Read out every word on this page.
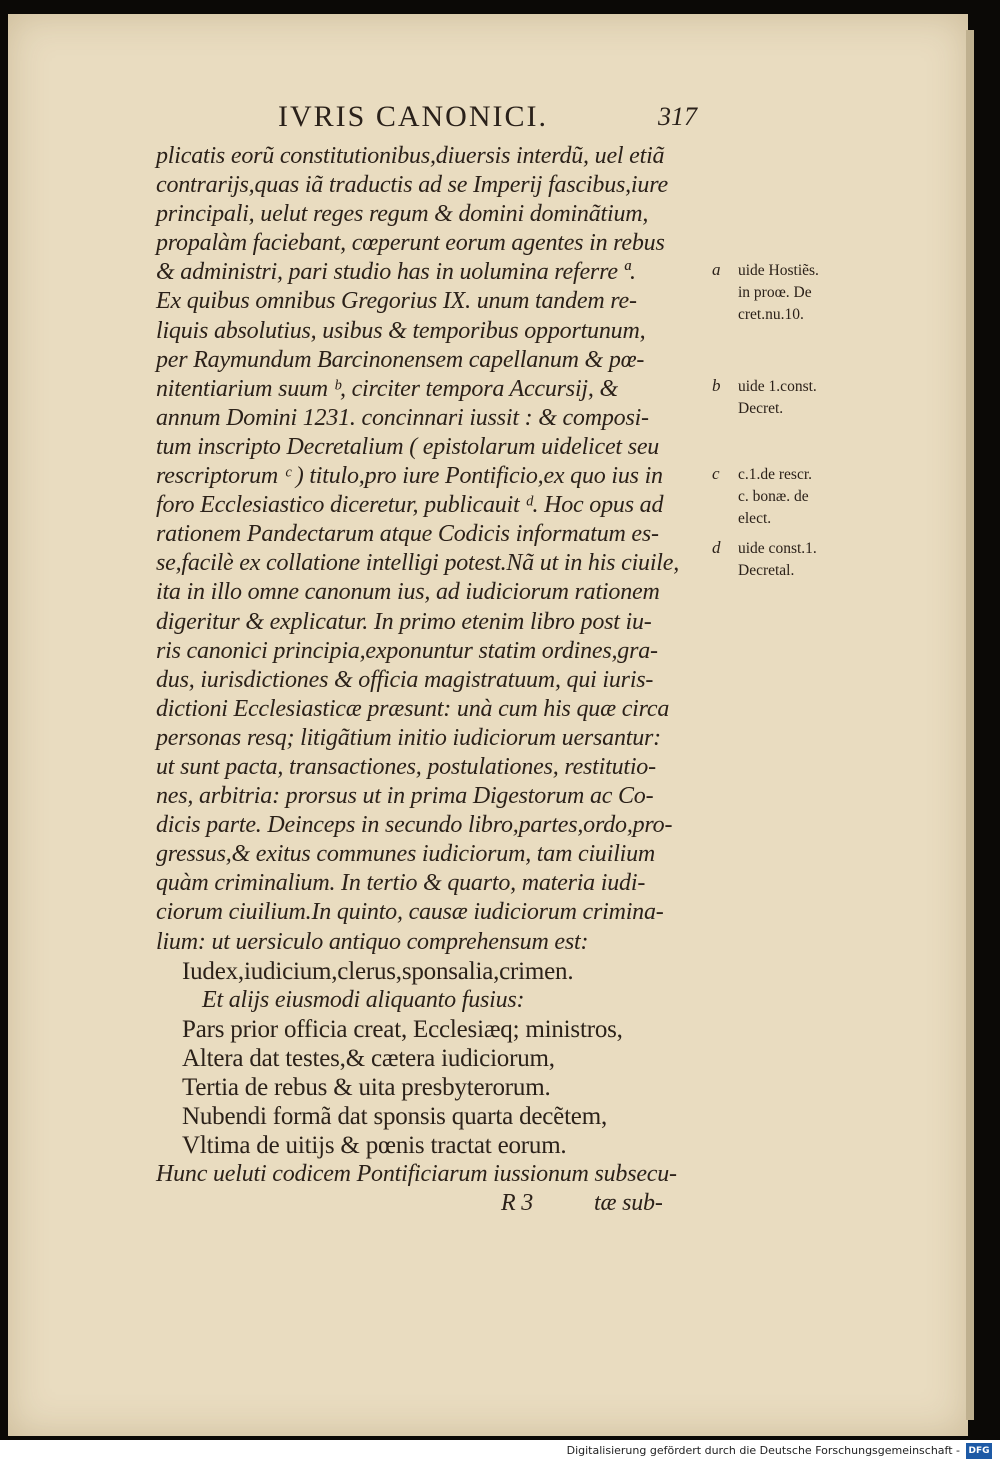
IVRIS CANONICI.	317
plicatis eorũ constitutionibus,diuersis interdũ, uel etiã
contrarijs,quas iã traductis ad se Imperij fascibus,iure
principali, uelut reges regum & domini dominãtium,
propalàm faciebant, cœperunt eorum agentes in rebus
& administri, pari studio has in uolumina referre ª.
Ex quibus omnibus Gregorius IX. unum tandem re-
liquis absolutius, usibus & temporibus opportunum,
per Raymundum Barcinonensem capellanum & pœ-
nitentiarium suum ᵇ, circiter tempora Accursij, &
annum Domini 1231. concinnari iussit : & composi-
tum inscripto Decretalium ( epistolarum uidelicet seu
rescriptorum ᶜ ) titulo,pro iure Pontificio,ex quo ius in
foro Ecclesiastico diceretur, publicauit ᵈ. Hoc opus ad
rationem Pandectarum atque Codicis informatum es-
se,facilè ex collatione intelligi potest.Nã ut in his ciuile,
ita in illo omne canonum ius, ad iudiciorum rationem
digeritur & explicatur. In primo etenim libro post iu-
ris canonici principia,exponuntur statim ordines,gra-
dus, iurisdictiones & officia magistratuum, qui iuris-
dictioni Ecclesiasticæ præsunt: unà cum his quæ circa
personas resq; litigãtium initio iudiciorum uersantur:
ut sunt pacta, transactiones, postulationes, restitutio-
nes, arbitria: prorsus ut in prima Digestorum ac Co-
dicis parte. Deinceps in secundo libro,partes,ordo,pro-
gressus,& exitus communes iudiciorum, tam ciuilium
quàm criminalium. In tertio & quarto, materia iudi-
ciorum ciuilium.In quinto, causæ iudiciorum crimina-
lium: ut uersiculo antiquo comprehensum est:
Iudex,iudicium,clerus,sponsalia,crimen.
Et alijs eiusmodi aliquanto fusius:
Pars prior officia creat, Ecclesiæq; ministros,
Altera dat testes,& cætera iudiciorum,
Tertia de rebus & uita presbyterorum.
Nubendi formã dat sponsis quarta decẽtem,
Vltima de uitijs & pœnis tractat eorum.
Hunc ueluti codicem Pontificiarum iussionum subsecu-
R 3	tæ sub-
a uide Hostiẽs.
in proœ. De
cret.nu.10.
b uide 1.const.
Decret.
c c.1.de rescr.
c. bonæ. de
elect.
d uide const.1.
Decretal.
Digitalisierung gefördert durch die Deutsche Forschungsgemeinschaft - DFG
